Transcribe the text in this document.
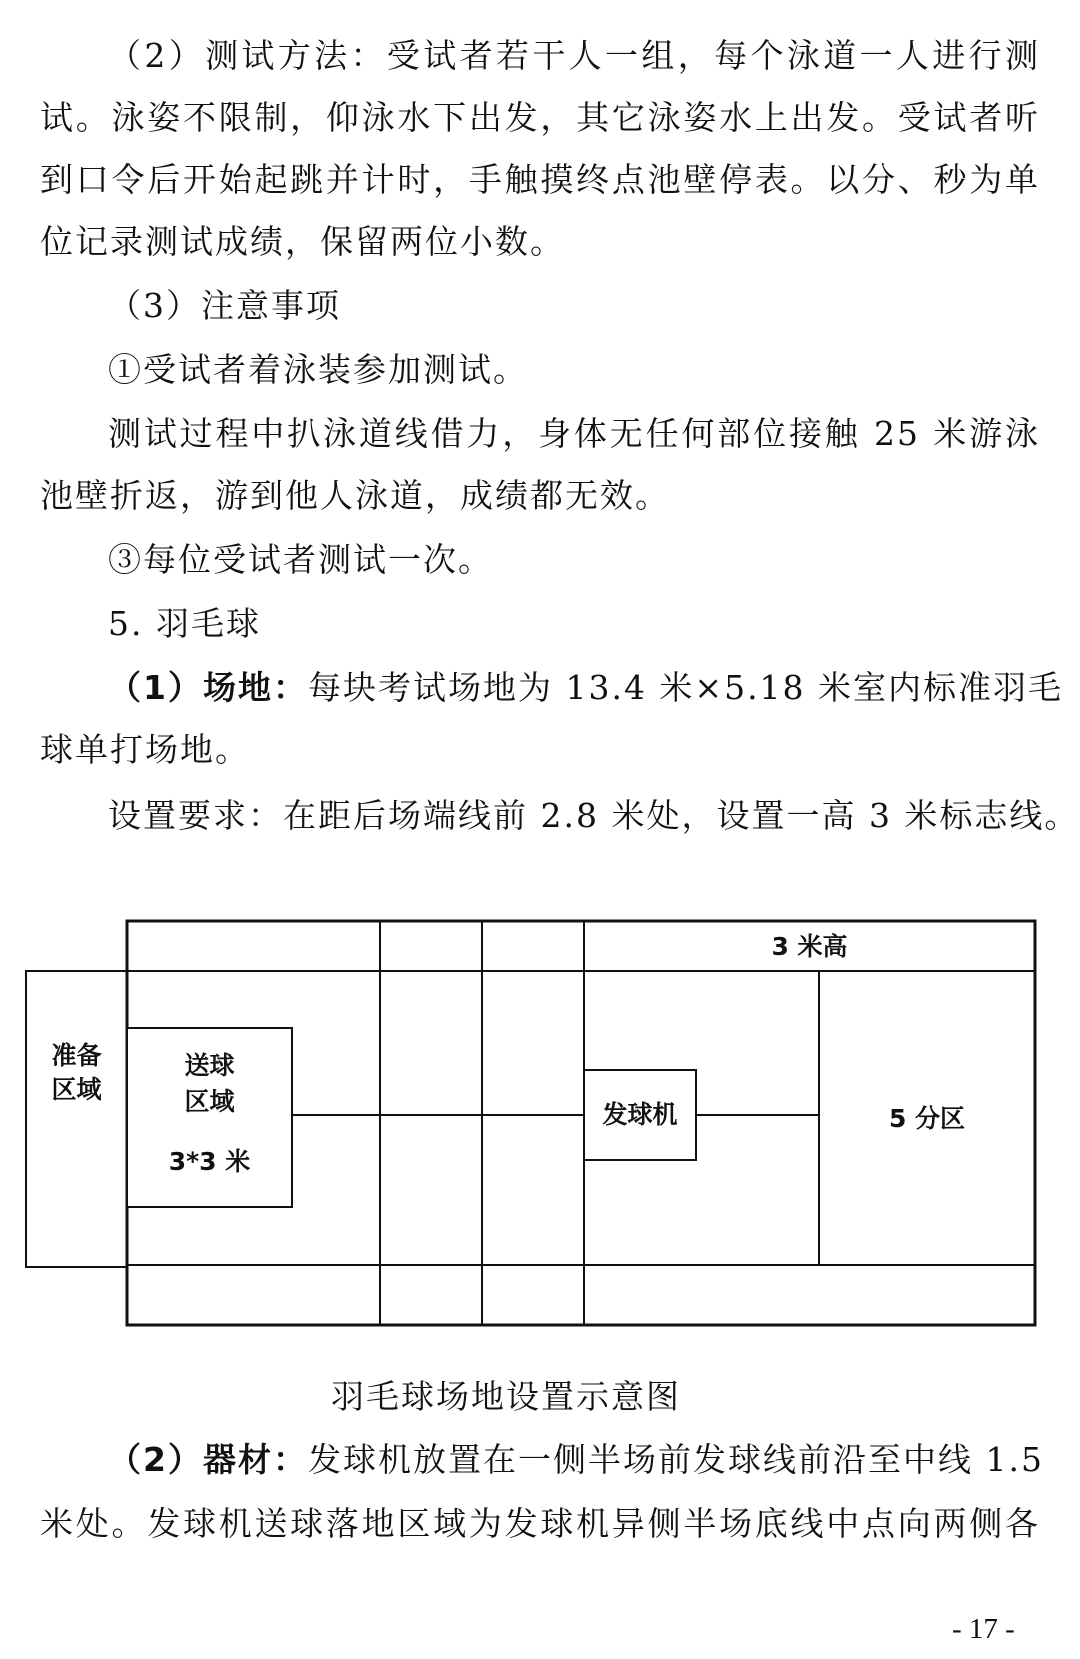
（2）测试方法：受试者若干人一组，每个泳道一人进行测
试。泳姿不限制，仰泳水下出发，其它泳姿水上出发。受试者听
到口令后开始起跳并计时，手触摸终点池壁停表。以分、秒为单
位记录测试成绩，保留两位小数。
（3）注意事项
①受试者着泳装参加测试。
测试过程中扒泳道线借力，身体无任何部位接触 25 米游泳
池壁折返，游到他人泳道，成绩都无效。
③每位受试者测试一次。
5. 羽毛球
（1）场地：每块考试场地为 13.4 米×5.18 米室内标准羽毛
球单打场地。
设置要求：在距后场端线前 2.8 米处，设置一高 3 米标志线。
准备
区域
送球
区域
3*3 米
发球机
3 米高
5 分区
羽毛球场地设置示意图
（2）器材：发球机放置在一侧半场前发球线前沿至中线 1.5
米处。发球机送球落地区域为发球机异侧半场底线中点向两侧各
- 17 -
